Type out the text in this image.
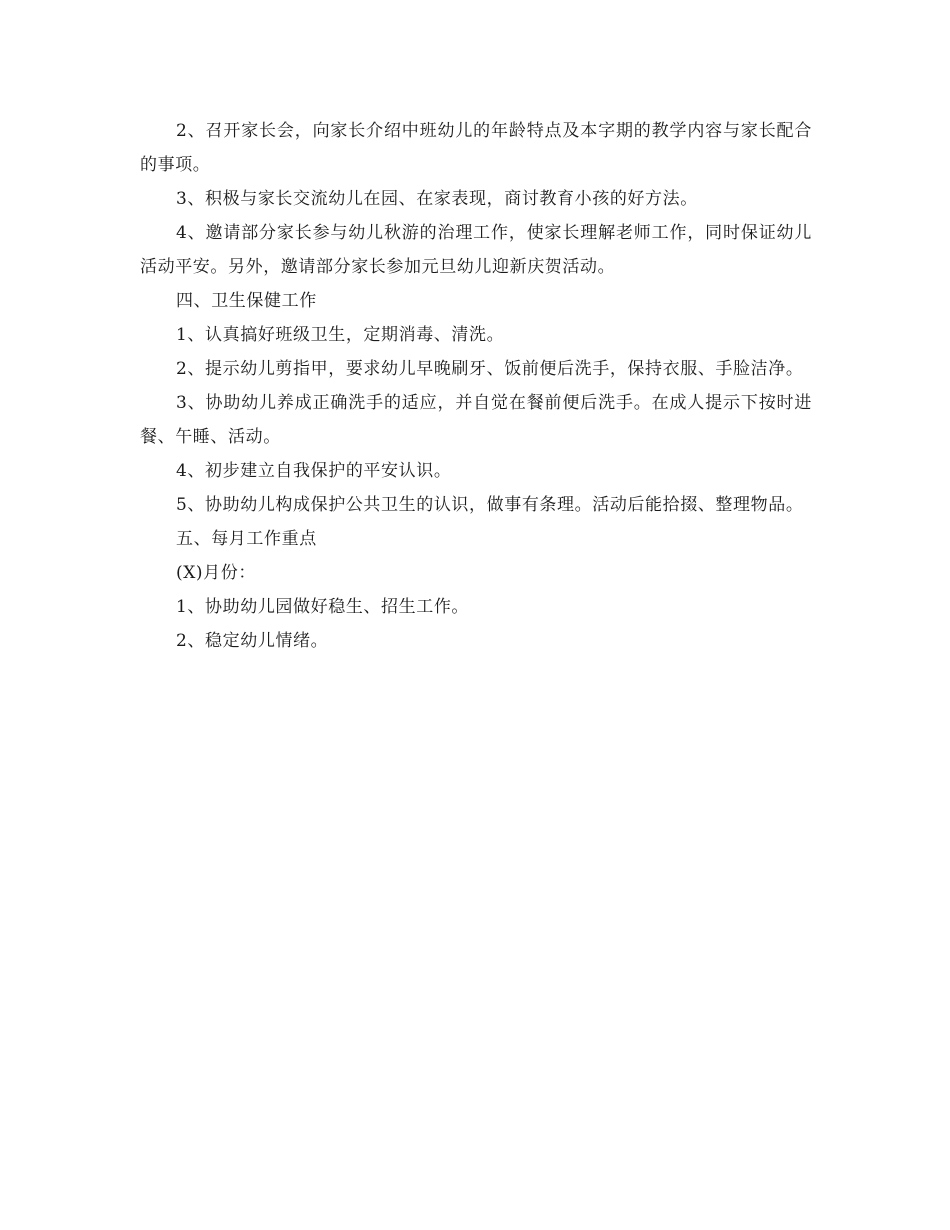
2、召开家长会，向家长介绍中班幼儿的年龄特点及本字期的教学内容与家长配合的事项。

3、积极与家长交流幼儿在园、在家表现，商讨教育小孩的好方法。

4、邀请部分家长参与幼儿秋游的治理工作，使家长理解老师工作，同时保证幼儿活动平安。另外，邀请部分家长参加元旦幼儿迎新庆贺活动。

四、卫生保健工作

1、认真搞好班级卫生，定期消毒、清洗。

2、提示幼儿剪指甲，要求幼儿早晚刷牙、饭前便后洗手，保持衣服、手脸洁净。

3、协助幼儿养成正确洗手的适应，并自觉在餐前便后洗手。在成人提示下按时进餐、午睡、活动。

4、初步建立自我保护的平安认识。

5、协助幼儿构成保护公共卫生的认识，做事有条理。活动后能拾掇、整理物品。

五、每月工作重点

(X)月份：

1、协助幼儿园做好稳生、招生工作。

2、稳定幼儿情绪。
